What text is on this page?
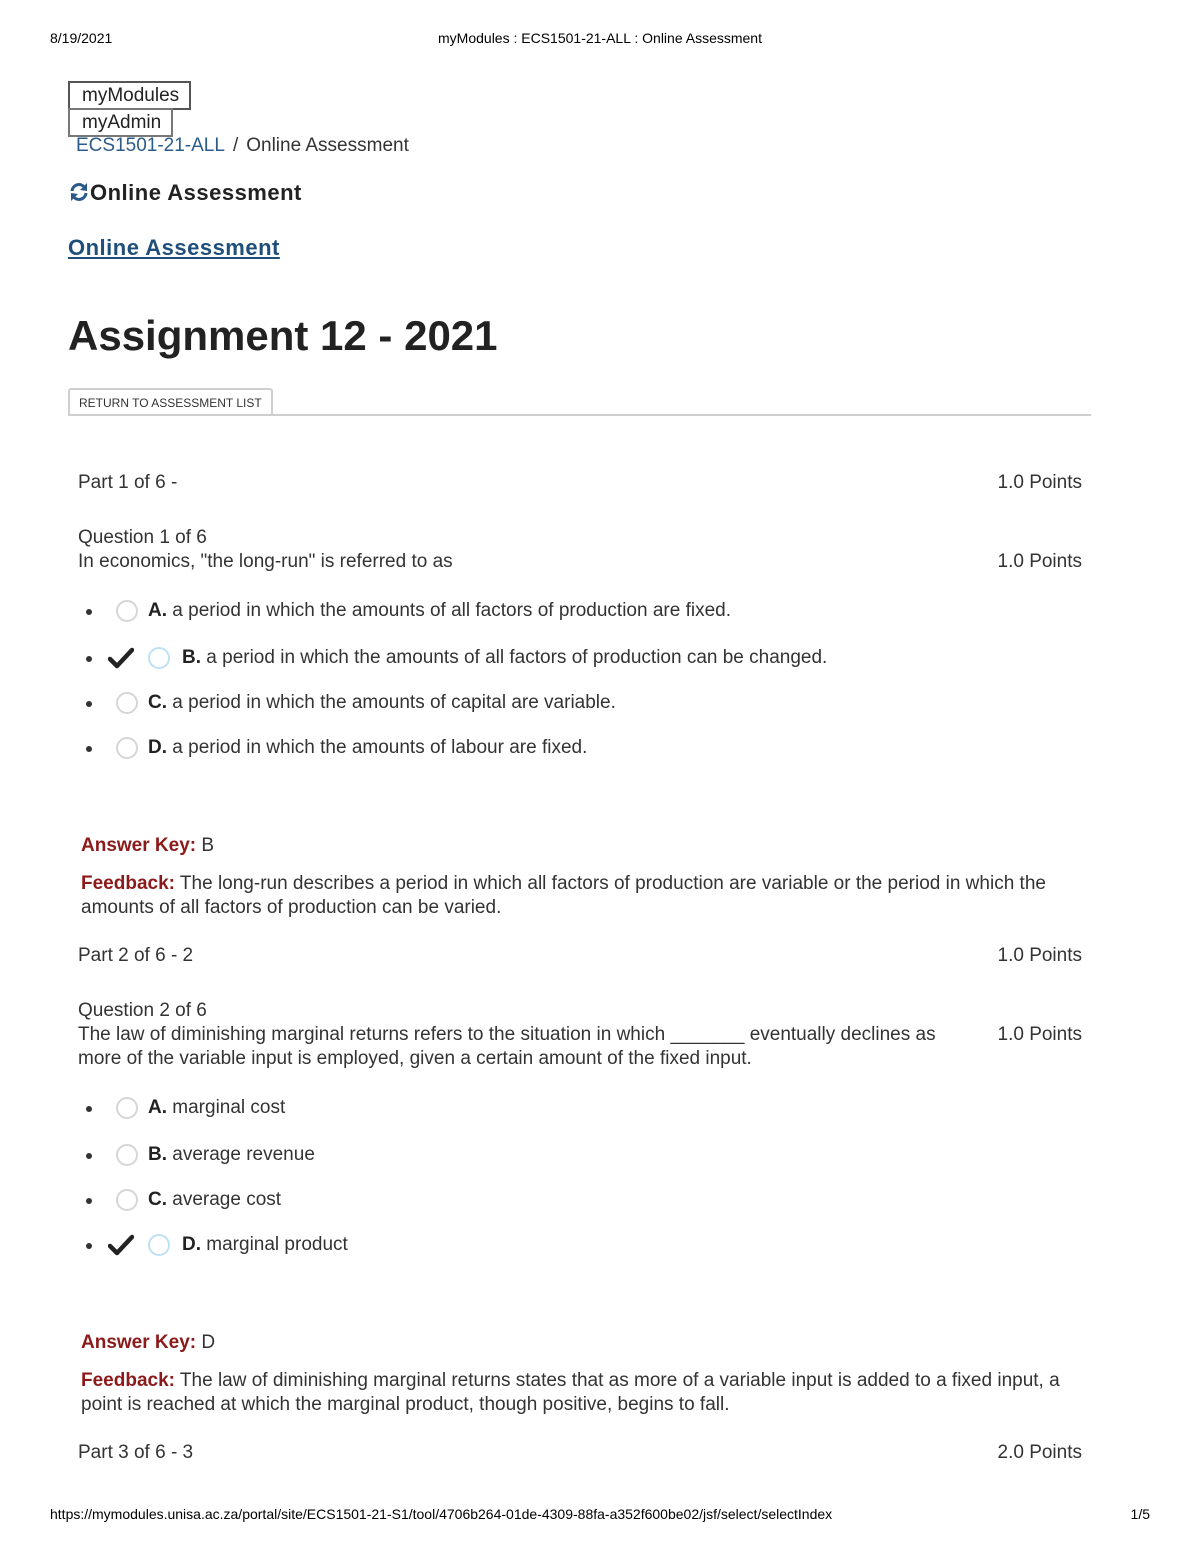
8/19/2021	myModules : ECS1501-21-ALL : Online Assessment
myModules
myAdmin
ECS1501-21-ALL / Online Assessment
Online Assessment
Online Assessment
Assignment 12 - 2021
RETURN TO ASSESSMENT LIST
Part 1 of 6 -	1.0 Points
Question 1 of 6
In economics, "the long-run" is referred to as	1.0 Points
A. a period in which the amounts of all factors of production are fixed.
B. a period in which the amounts of all factors of production can be changed.
C. a period in which the amounts of capital are variable.
D. a period in which the amounts of labour are fixed.
Answer Key: B
Feedback: The long-run describes a period in which all factors of production are variable or the period in which the amounts of all factors of production can be varied.
Part 2 of 6 - 2	1.0 Points
Question 2 of 6
The law of diminishing marginal returns refers to the situation in which _______ eventually declines as more of the variable input is employed, given a certain amount of the fixed input.
1.0 Points
A. marginal cost
B. average revenue
C. average cost
D. marginal product
Answer Key: D
Feedback: The law of diminishing marginal returns states that as more of a variable input is added to a fixed input, a point is reached at which the marginal product, though positive, begins to fall.
Part 3 of 6 - 3	2.0 Points
https://mymodules.unisa.ac.za/portal/site/ECS1501-21-S1/tool/4706b264-01de-4309-88fa-a352f600be02/jsf/select/selectIndex	1/5
